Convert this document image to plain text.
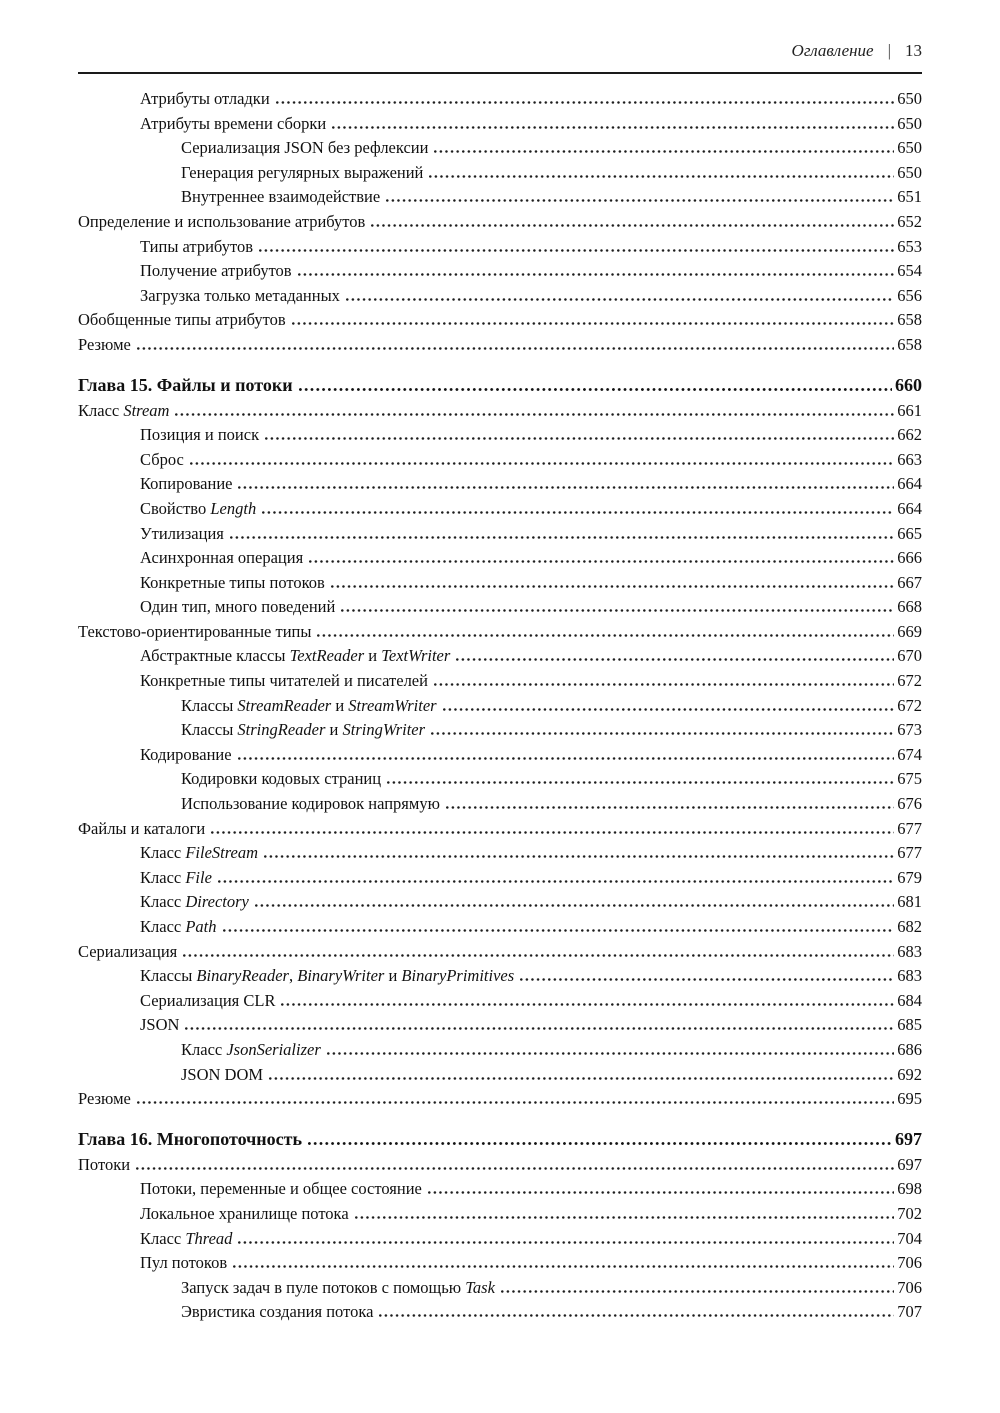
Оглавление | 13
Атрибуты отладки	650
Атрибуты времени сборки	650
Сериализация JSON без рефлексии	650
Генерация регулярных выражений	650
Внутреннее взаимодействие	651
Определение и использование атрибутов	652
Типы атрибутов	653
Получение атрибутов	654
Загрузка только метаданных	656
Обобщенные типы атрибутов	658
Резюме	658
Глава 15. Файлы и потоки	660
Класс Stream	661
Позиция и поиск	662
Сброс	663
Копирование	664
Свойство Length	664
Утилизация	665
Асинхронная операция	666
Конкретные типы потоков	667
Один тип, много поведений	668
Текстово-ориентированные типы	669
Абстрактные классы TextReader и TextWriter	670
Конкретные типы читателей и писателей	672
Классы StreamReader и StreamWriter	672
Классы StringReader и StringWriter	673
Кодирование	674
Кодировки кодовых страниц	675
Использование кодировок напрямую	676
Файлы и каталоги	677
Класс FileStream	677
Класс File	679
Класс Directory	681
Класс Path	682
Сериализация	683
Классы BinaryReader, BinaryWriter и BinaryPrimitives	683
Сериализация CLR	684
JSON	685
Класс JsonSerializer	686
JSON DOM	692
Резюме	695
Глава 16. Многопоточность	697
Потоки	697
Потоки, переменные и общее состояние	698
Локальное хранилище потока	702
Класс Thread	704
Пул потоков	706
Запуск задач в пуле потоков с помощью Task	706
Эвристика создания потока	707
